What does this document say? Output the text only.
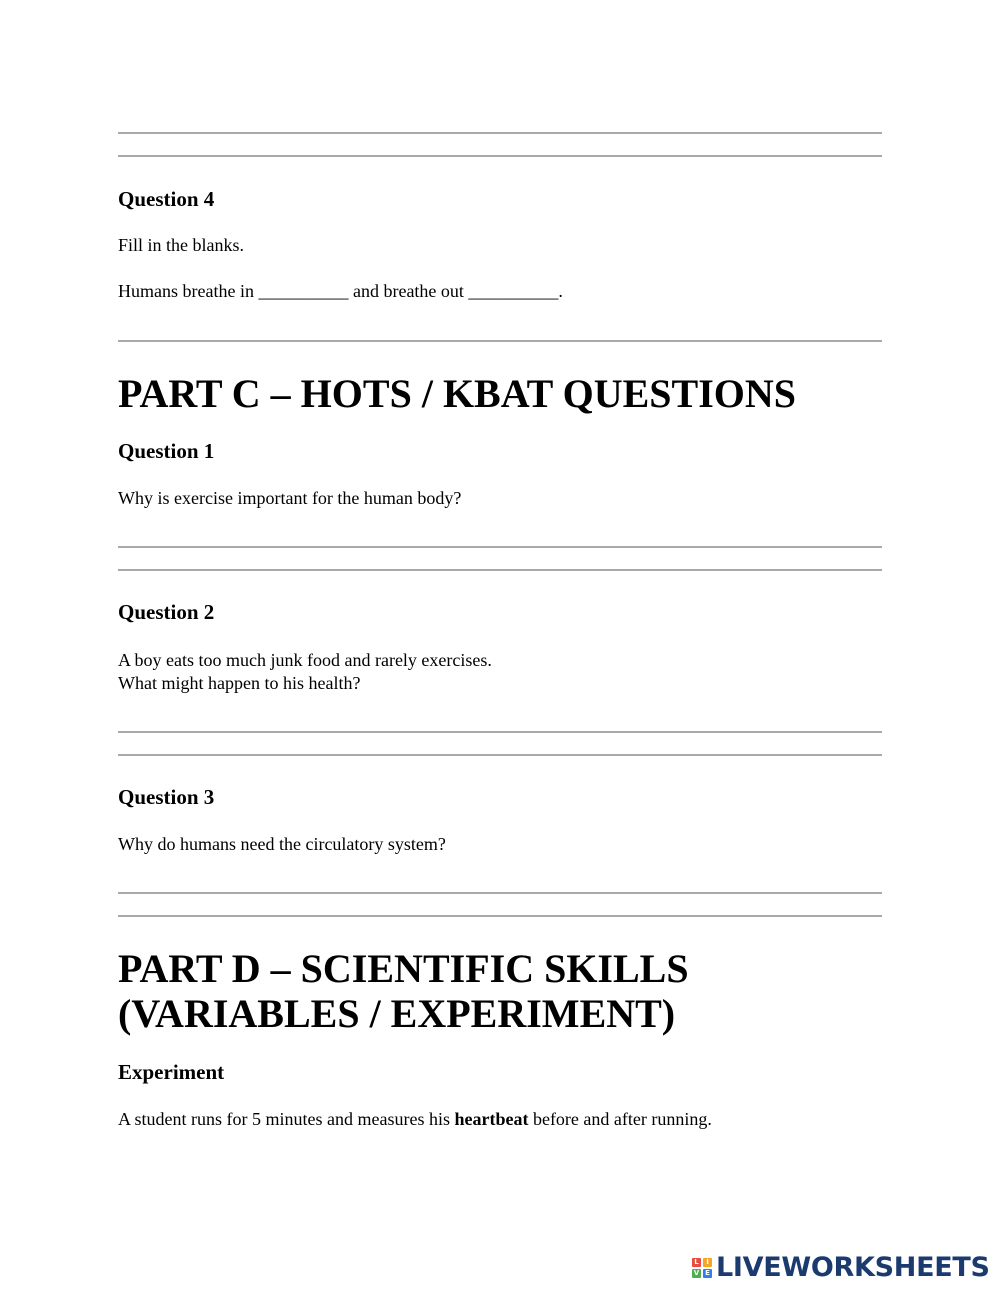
Question 4
Fill in the blanks.
Humans breathe in __________ and breathe out __________.
PART C – HOTS / KBAT QUESTIONS
Question 1
Why is exercise important for the human body?
Question 2
A boy eats too much junk food and rarely exercises.
What might happen to his health?
Question 3
Why do humans need the circulatory system?
PART D – SCIENTIFIC SKILLS
(VARIABLES / EXPERIMENT)
Experiment
A student runs for 5 minutes and measures his heartbeat before and after running.
L	I
V E LIVEWORKSHEETS
